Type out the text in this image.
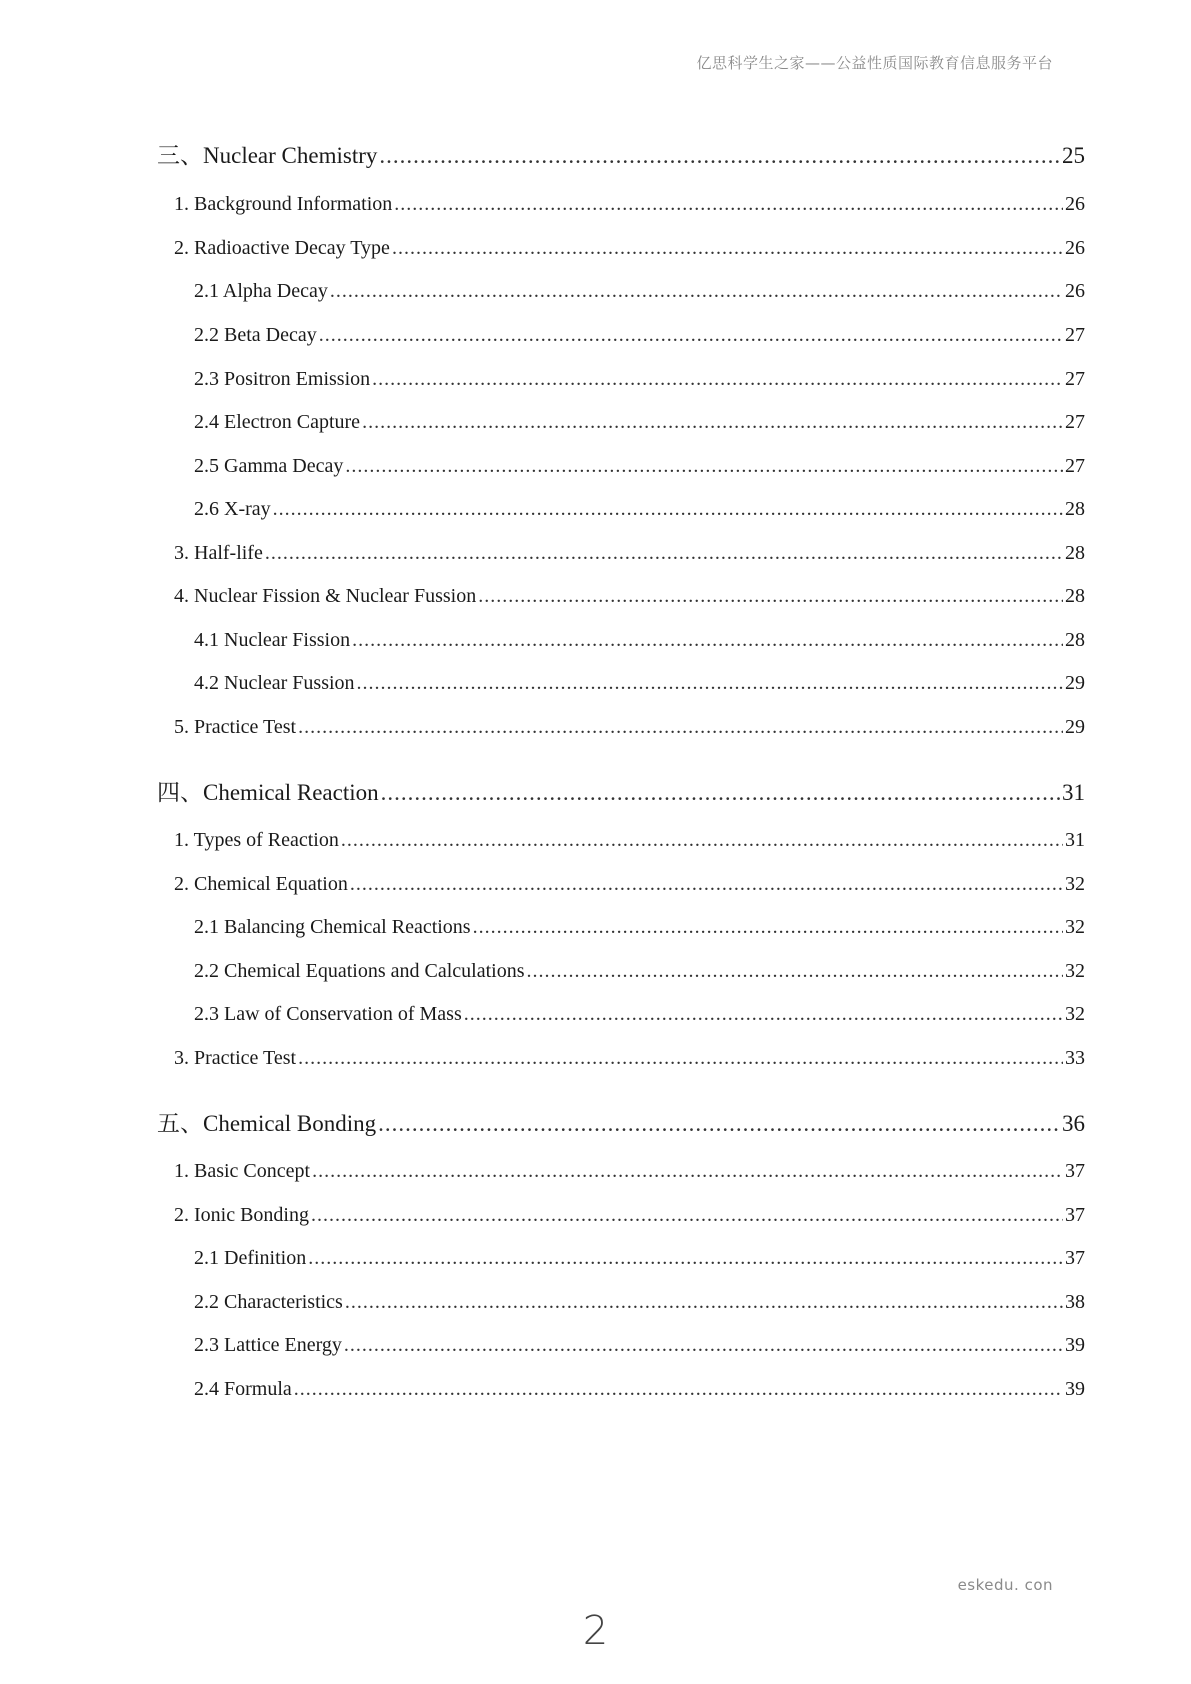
亿思科学生之家——公益性质国际教育信息服务平台
三、Nuclear Chemistry .....	25
1. Background Information .....	26
2. Radioactive Decay Type .....	26
2.1 Alpha Decay .....	26
2.2 Beta Decay .....	27
2.3 Positron Emission .....	27
2.4 Electron Capture .....	27
2.5 Gamma Decay .....	27
2.6 X-ray .....	28
3. Half-life .....	28
4. Nuclear Fission & Nuclear Fussion .....	28
4.1 Nuclear Fission .....	28
4.2 Nuclear Fussion .....	29
5. Practice Test .....	29
四、Chemical Reaction .....	31
1. Types of Reaction .....	31
2. Chemical Equation .....	32
2.1 Balancing Chemical Reactions .....	32
2.2 Chemical Equations and Calculations .....	32
2.3 Law of Conservation of Mass .....	32
3. Practice Test .....	33
五、Chemical Bonding .....	36
1. Basic Concept .....	37
2. Ionic Bonding .....	37
2.1 Definition .....	37
2.2 Characteristics .....	38
2.3 Lattice Energy .....	39
2.4 Formula .....	39
eskedu. con
2
